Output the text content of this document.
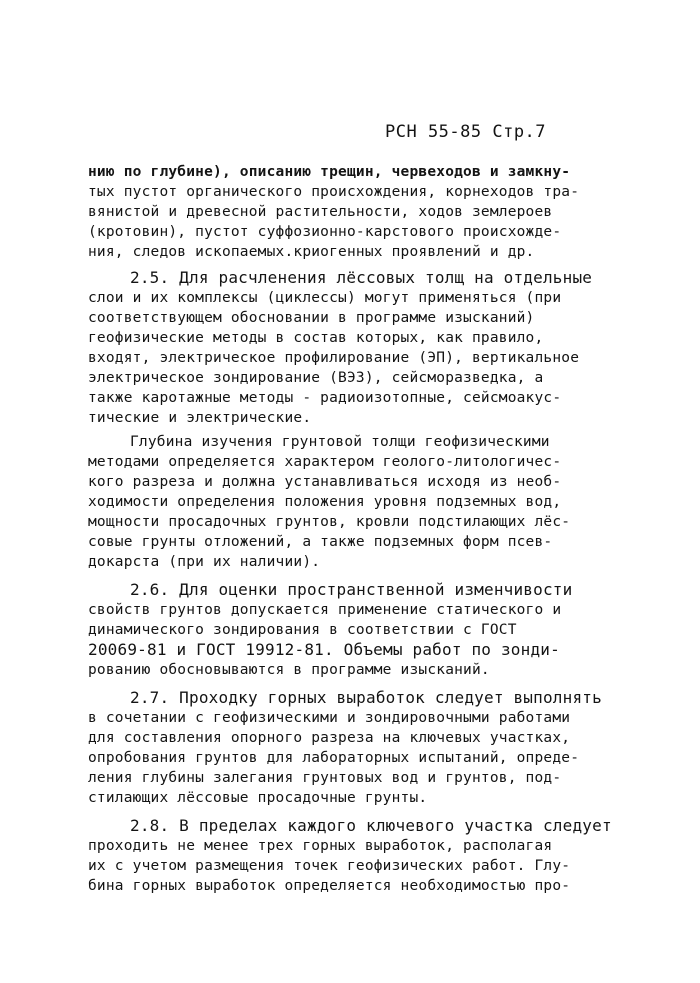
РСН 55-85 Стр.7
нию по глубине), описанию трещин, червеходов и замкну-
тых пустот органического происхождения, корнеходов тра-
вянистой и древесной растительности, ходов землероев
(кротовин), пустот суффозионно-карстового происхожде-
ния, следов ископаемых.криогенных проявлений и др.
2.5. Для расчленения лёссовых толщ на отдельные
слои и их комплексы (циклессы) могут применяться (при
соответствующем обосновании в программе изысканий)
геофизические методы в состав которых, как правило,
входят, электрическое профилирование (ЭП), вертикальное
электрическое зондирование (ВЭЗ), сейсморазведка, а
также каротажные методы - радиоизотопные, сейсмоакус-
тические и электрические.
Глубина изучения грунтовой толщи геофизическими
методами определяется характером геолого-литологичес-
кого разреза и должна устанавливаться исходя из необ-
ходимости определения положения уровня подземных вод,
мощности просадочных грунтов, кровли подстилающих лёс-
совые грунты отложений, а также подземных форм псев-
докарста (при их наличии).
2.6. Для оценки пространственной изменчивости
свойств грунтов допускается применение статического и
динамического зондирования в соответствии с ГОСТ
20069-81 и ГОСТ 19912-81. Объемы работ по зонди-
рованию обосновываются в программе изысканий.
2.7. Проходку горных выработок следует выполнять
в сочетании с геофизическими и зондировочными работами
для составления опорного разреза на ключевых участках,
опробования грунтов для лабораторных испытаний, опреде-
ления глубины залегания грунтовых вод и грунтов, под-
стилающих лёссовые просадочные грунты.
2.8. В пределах каждого ключевого участка следует
проходить не менее трех горных выработок, располагая
их с учетом размещения точек геофизических работ. Глу-
бина горных выработок определяется необходимостью про-
